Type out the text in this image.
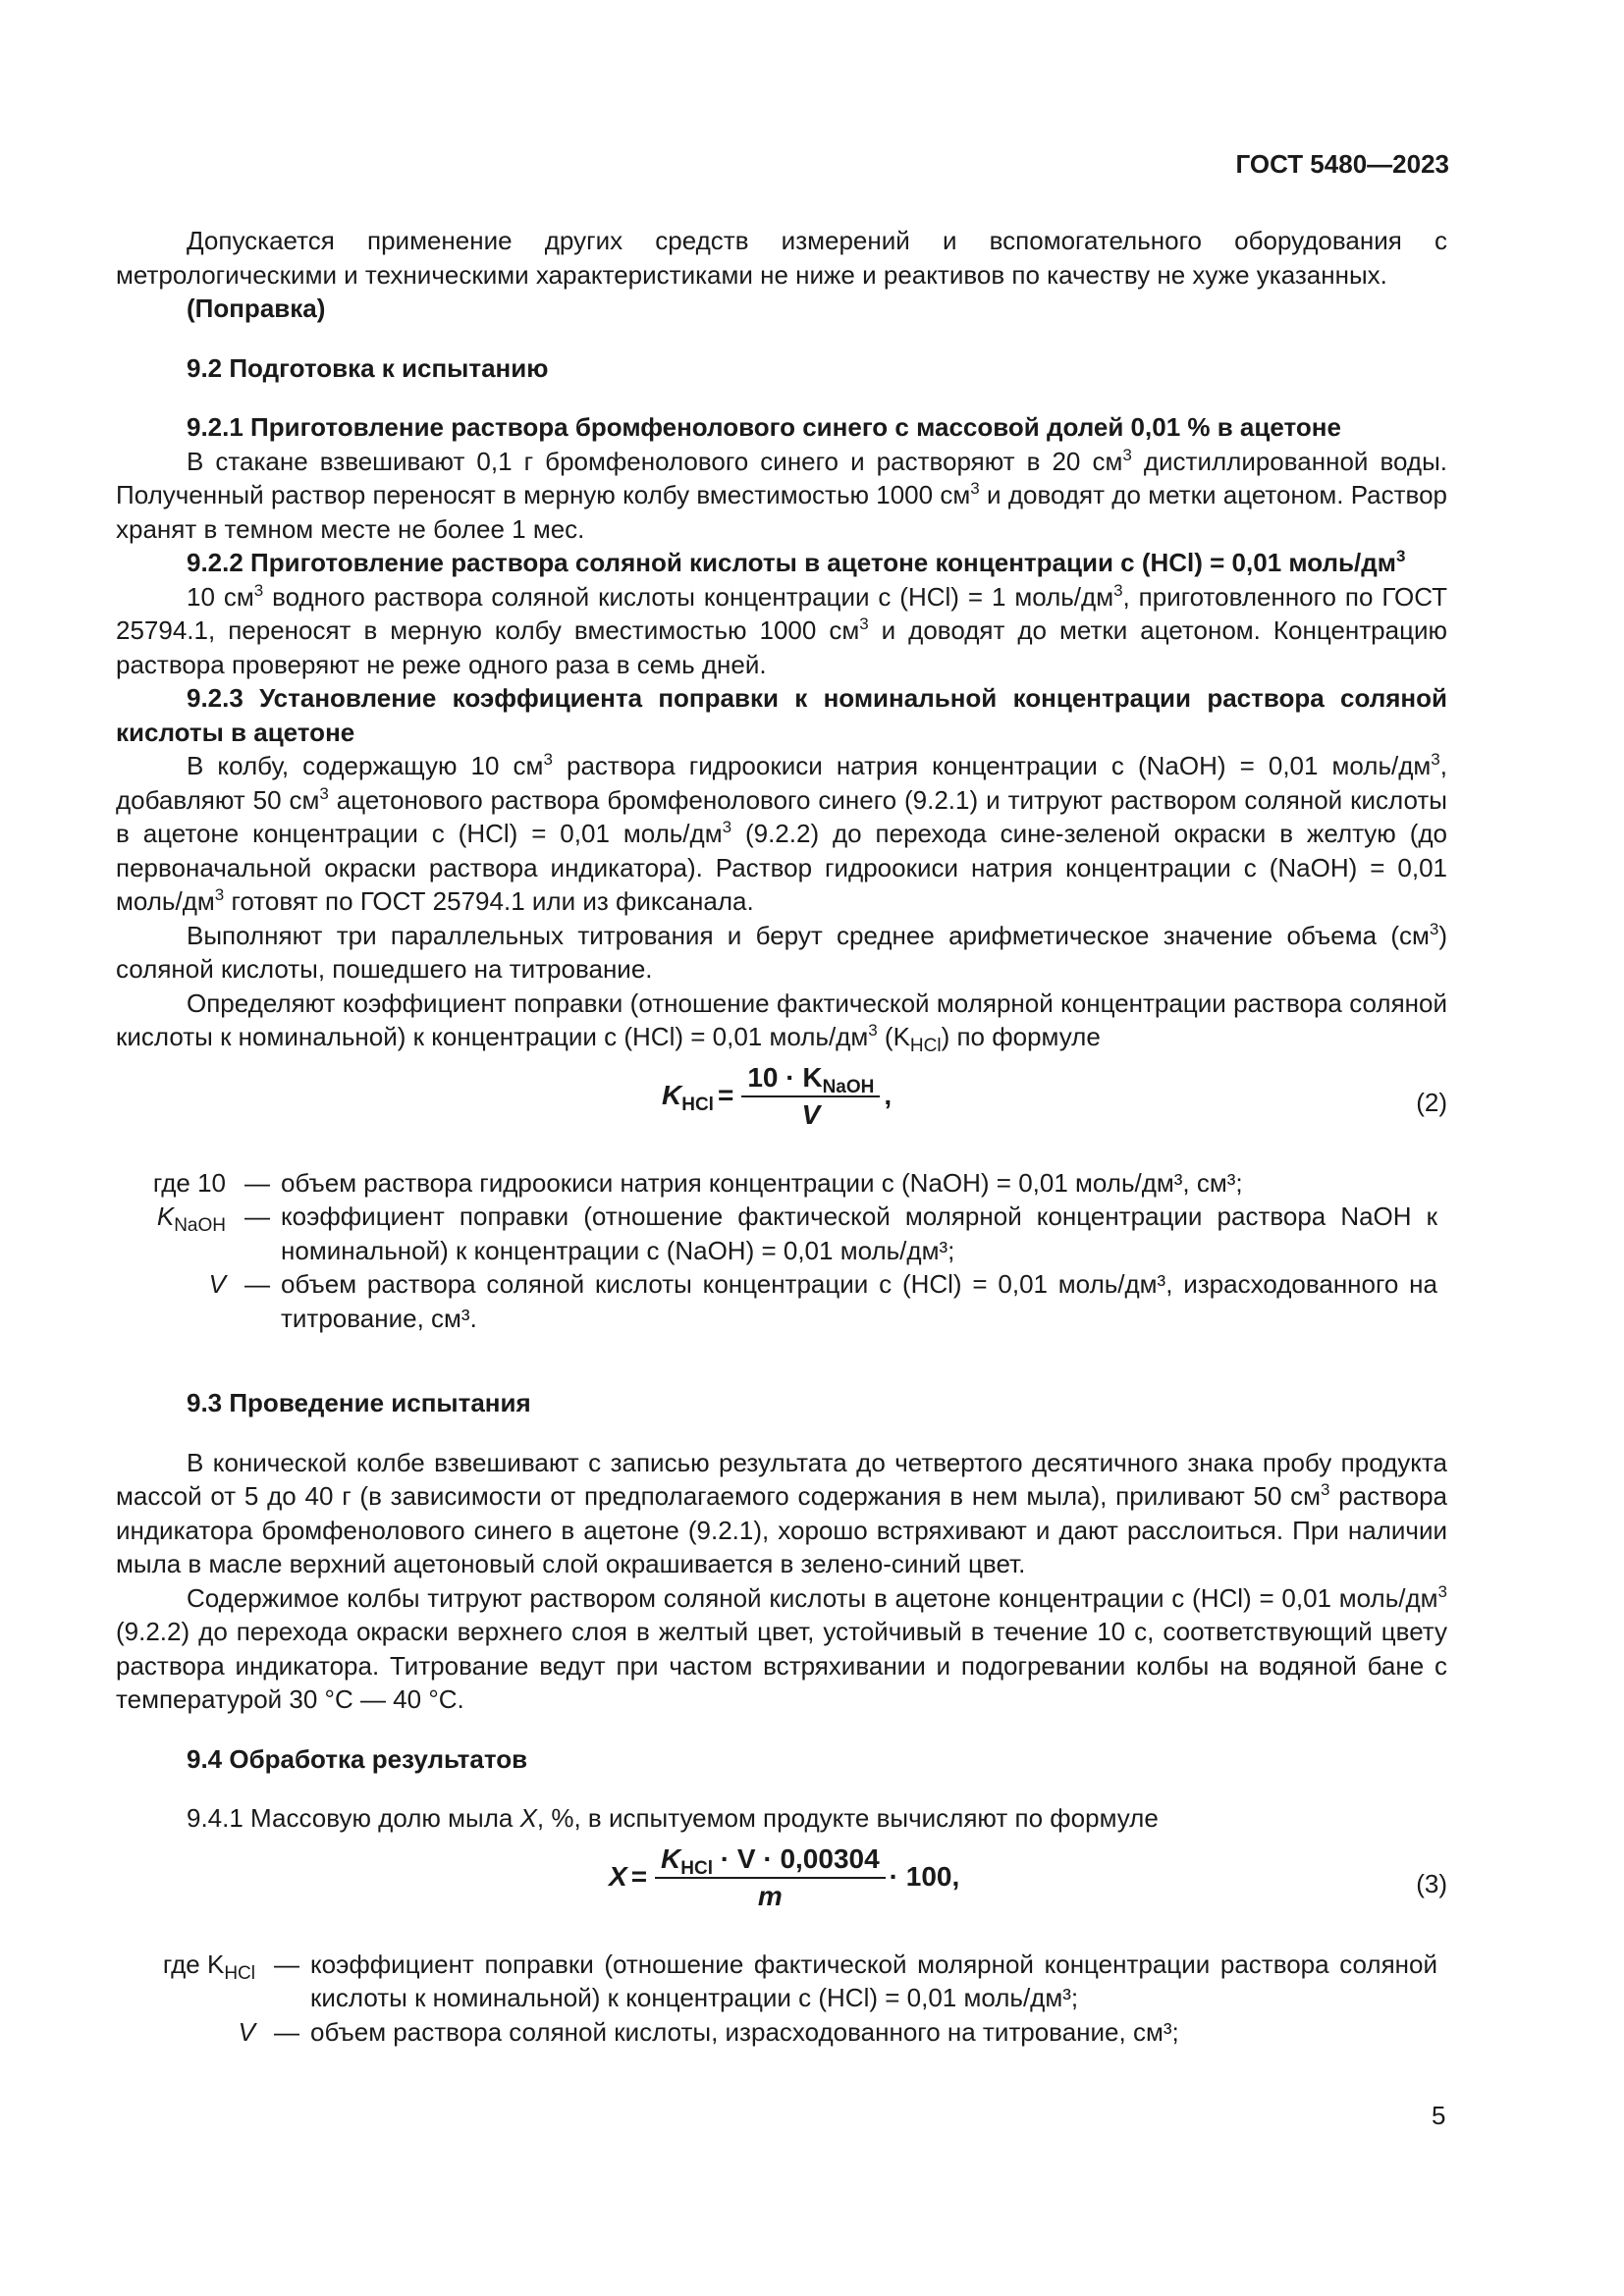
ГОСТ 5480—2023

Допускается применение других средств измерений и вспомогательного оборудования с метрологическими и техническими характеристиками не ниже и реактивов по качеству не хуже указанных.

(Поправка)

9.2 Подготовка к испытанию

9.2.1 Приготовление раствора бромфенолового синего с массовой долей 0,01 % в ацетоне

В стакане взвешивают 0,1 г бромфенолового синего и растворяют в 20 $см^3$ дистиллированной воды. Полученный раствор переносят в мерную колбу вместимостью 1000 $см^3$ и доводят до метки ацетоном. Раствор хранят в темном месте не более 1 мес.

9.2.2 Приготовление раствора соляной кислоты в ацетоне концентрации c (HCl) = 0,01 моль/$дм^3$

10 $см^3$ водного раствора соляной кислоты концентрации c (HCl) = 1 моль/$дм^3$, приготовленного по ГОСТ 25794.1, переносят в мерную колбу вместимостью 1000 $см^3$ и доводят до метки ацетоном. Концентрацию раствора проверяют не реже одного раза в семь дней.

9.2.3 Установление коэффициента поправки к номинальной концентрации раствора соляной кислоты в ацетоне

В колбу, содержащую 10 $см^3$ раствора гидроокиси натрия концентрации c (NaOH) = 0,01 моль/$дм^3$, добавляют 50 $см^3$ ацетонового раствора бромфенолового синего (9.2.1) и титруют раствором соляной кислоты в ацетоне концентрации c (HCl) = 0,01 моль/$дм^3$ (9.2.2) до перехода сине-зеленой окраски в желтую (до первоначальной окраски раствора индикатора). Раствор гидроокиси натрия концентрации c (NaOH) = 0,01 моль/$дм^3$ готовят по ГОСТ 25794.1 или из фиксанала.

Выполняют три параллельных титрования и берут среднее арифметическое значение объема $(см^3)$ соляной кислоты, пошедшего на титрование.

Определяют коэффициент поправки (отношение фактической молярной концентрации раствора соляной кислоты к номинальной) к концентрации c (HCl) = 0,01 моль/$дм^3$ $(K_{HCl})$ по формуле

$K_{HCl} = \frac{10 \cdot K_{NaOH}}{V}$ ,	(2)
где 10 — объем раствора гидроокиси натрия концентрации c (NaOH) = 0,01 моль/дм³, см³;
$K_{NaOH}$ — коэффициент поправки (отношение фактической молярной концентрации раствора NaOH к номинальной) к концентрации c (NaOH) = 0,01 моль/дм³;
V — объем раствора соляной кислоты концентрации c (HCl) = 0,01 моль/дм³, израсходованного на титрование, см³.

9.3 Проведение испытания

В конической колбе взвешивают с записью результата до четвертого десятичного знака пробу продукта массой от 5 до 40 г (в зависимости от предполагаемого содержания в нем мыла), приливают 50 $см^3$ раствора индикатора бромфенолового синего в ацетоне (9.2.1), хорошо встряхивают и дают расслоиться. При наличии мыла в масле верхний ацетоновый слой окрашивается в зелено-синий цвет.

Содержимое колбы титруют раствором соляной кислоты в ацетоне концентрации c (HCl) = 0,01 моль/$дм^3$ (9.2.2) до перехода окраски верхнего слоя в желтый цвет, устойчивый в течение 10 с, соответствующий цвету раствора индикатора. Титрование ведут при частом встряхивании и подогревании колбы на водяной бане с температурой 30 °C — 40 °C.

9.4 Обработка результатов

9.4.1 Массовую долю мыла X, %, в испытуемом продукте вычисляют по формуле

$X = \frac{K_{HCl} \cdot V \cdot 0,00304}{m} \cdot 100$,	(3)
где $K_{HCl}$ — коэффициент поправки (отношение фактической молярной концентрации раствора соляной кислоты к номинальной) к концентрации c (HCl) = 0,01 моль/дм³;
V — объем раствора соляной кислоты, израсходованного на титрование, см³;
5
